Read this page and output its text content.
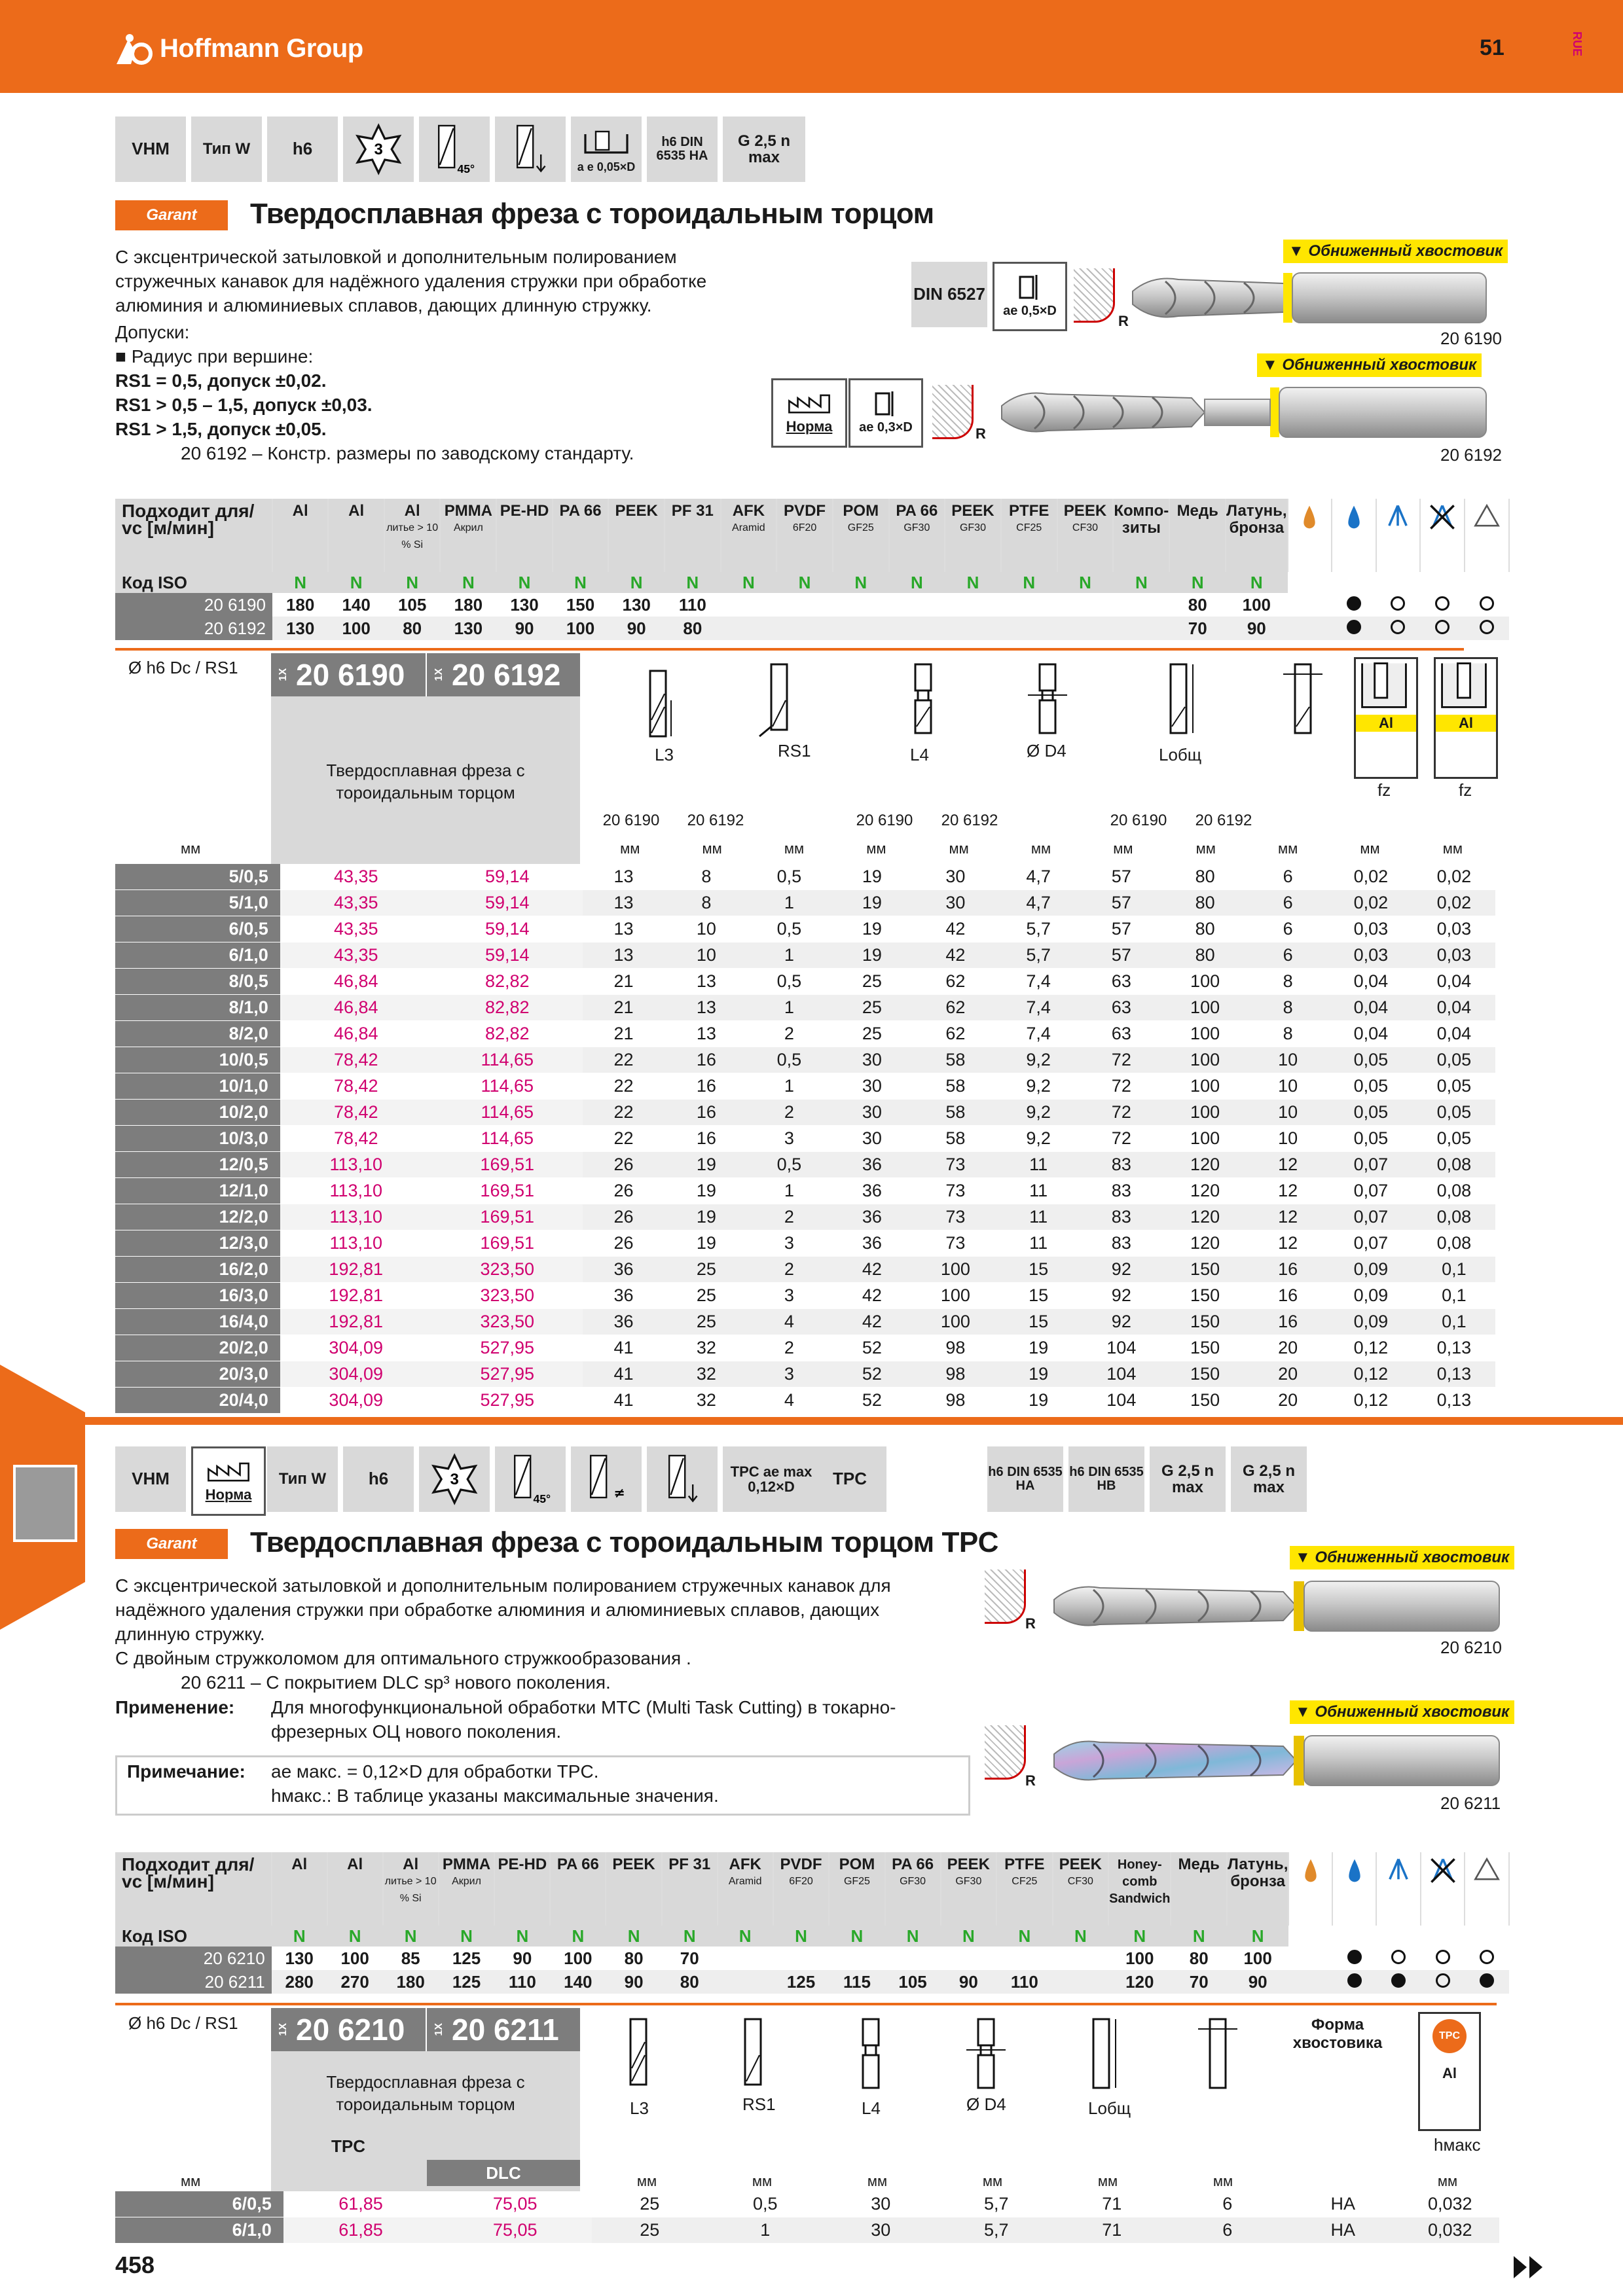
Hoffmann Group	51	RUE
VHM	Тип W	h6	3
45°	a e 0,05×D
h6 DIN 6535 HA
G 2,5 n max
Garant	Твердосплавная фреза с тороидальным торцом
С эксцентрической затыловкой и дополнительным полированием
стружечных канавок для надёжного удаления стружки при обработке
алюминия и алюминиевых сплавов, дающих длинную стружку.
Допуски:
■ Радиус при вершине:
RS1 = 0,5, допуск ±0,02.
RS1 > 0,5 – 1,5, допуск ±0,03.
RS1 > 1,5, допуск ±0,05.
20 6192 – Констр. размеры по заводскому стандарту.
DIN 6527
ae 0,5×D
R
Норма ae 0,3×D	R
▼ Обниженный хвостовик
20 6190
▼ Обниженный хвостовик
20 6192
Подходит для/ vc [м/мин]	Al	Al	Al
литье > 10 % Si	PMMA
Акрил	PE-HD	PA 66	PEEK	PF 31	AFK
Aramid	PVDF

6F20	POM

GF25	PA 66

GF30	PEEK

GF30	PTFE

CF25	PEEK

CF30	Компо- зиты	Медь	Латунь, бронза					
Код ISO	N	N	N	N	N	N	N	N	N	N	N	N	N	N	N	N	N	N					
20 6190	180	140	105	180	130	150	130	110									80	100					
20 6192	130	100	80	130	90	100	90	80									70	90					
Ø h6 Dc / RS1	1X 20 6190	1X 20 6192
Твердосплавная фреза с тороидальным торцом
L3	RS1	L4	Ø D4	Lобщ
Al	Al
fz	fz
20 6190	20 6192	20 6190	20 6192	20 6190	20 6192
мм	мм	мм	мм	мм	мм	мм	мм	мм	мм	мм	мм
5/0,5	43,35	59,14	13	8	0,5	19	30	4,7	57	80	6	0,02	0,02
5/1,0	43,35	59,14	13	8	1	19	30	4,7	57	80	6	0,02	0,02
6/0,5	43,35	59,14	13	10	0,5	19	42	5,7	57	80	6	0,03	0,03
6/1,0	43,35	59,14	13	10	1	19	42	5,7	57	80	6	0,03	0,03
8/0,5	46,84	82,82	21	13	0,5	25	62	7,4	63	100	8	0,04	0,04
8/1,0	46,84	82,82	21	13	1	25	62	7,4	63	100	8	0,04	0,04
8/2,0	46,84	82,82	21	13	2	25	62	7,4	63	100	8	0,04	0,04
10/0,5	78,42	114,65	22	16	0,5	30	58	9,2	72	100	10	0,05	0,05
10/1,0	78,42	114,65	22	16	1	30	58	9,2	72	100	10	0,05	0,05
10/2,0	78,42	114,65	22	16	2	30	58	9,2	72	100	10	0,05	0,05
10/3,0	78,42	114,65	22	16	3	30	58	9,2	72	100	10	0,05	0,05
12/0,5	113,10	169,51	26	19	0,5	36	73	11	83	120	12	0,07	0,08
12/1,0	113,10	169,51	26	19	1	36	73	11	83	120	12	0,07	0,08
12/2,0	113,10	169,51	26	19	2	36	73	11	83	120	12	0,07	0,08
12/3,0	113,10	169,51	26	19	3	36	73	11	83	120	12	0,07	0,08
16/2,0	192,81	323,50	36	25	2	42	100	15	92	150	16	0,09	0,1
16/3,0	192,81	323,50	36	25	3	42	100	15	92	150	16	0,09	0,1
16/4,0	192,81	323,50	36	25	4	42	100	15	92	150	16	0,09	0,1
20/2,0	304,09	527,95	41	32	2	52	98	19	104	150	20	0,12	0,13
20/3,0	304,09	527,95	41	32	3	52	98	19	104	150	20	0,12	0,13
20/4,0	304,09	527,95	41	32	4	52	98	19	104	150	20	0,12	0,13
VHM
Норма
Тип W	h6	3
45°	≠
TPC ae max 0,12×D	TPC	h6 DIN 6535 HA
h6 DIN 6535 HB
G 2,5 n max
G 2,5 n max
Garant	Твердосплавная фреза с тороидальным торцом TPC
С эксцентрической затыловкой и дополнительным полированием стружечных канавок для
надёжного удаления стружки при обработке алюминия и алюминиевых сплавов, дающих
длинную стружку.
С двойным стружколомом для оптимального стружкообразования .
20 6211 – С покрытием DLC sp³ нового поколения.
Применение: Для многофункциональной обработки MTC (Multi Task Cutting) в токарно-
фрезерных ОЦ нового поколения.
Примечание: ae макс. = 0,12×D для обработки TPC.
hмакс.: В таблице указаны максимальные значения.
R
R
▼ Обниженный хвостовик
20 6210
▼ Обниженный хвостовик
20 6211
Подходит для/ vc [м/мин]	Al	Al	Al
литье > 10 % Si	PMMA
Акрил	PE-HD	PA 66	PEEK	PF 31	AFK
Aramid	PVDF

6F20	POM

GF25	PA 66

GF30	PEEK

GF30	PTFE

CF25	PEEK

CF30	Honey- comb Sandwich	Медь	Латунь, бронза					
Код ISO	N	N	N	N	N	N	N	N	N	N	N	N	N	N	N	N	N	N					
20 6210	130	100	85	125	90	100	80	70								100	80	100					
20 6211	280	270	180	125	110	140	90	80		125	115	105	90	110		120	70	90					
Ø h6 Dc / RS1	1X 20 6210	1X 20 6211
Твердосплавная фреза с тороидальным торцом
TPC
DLC
L3	RS1	L4	Ø D4	Lобщ
Форма хвостовика	TPC
Al
hмакс
мм	мм	мм	мм	мм	мм	мм	мм
6/0,5	61,85	75,05	25	0,5	30	5,7	71	6	HA	0,032
6/1,0	61,85	75,05	25	1	30	5,7	71	6	HA	0,032
458
